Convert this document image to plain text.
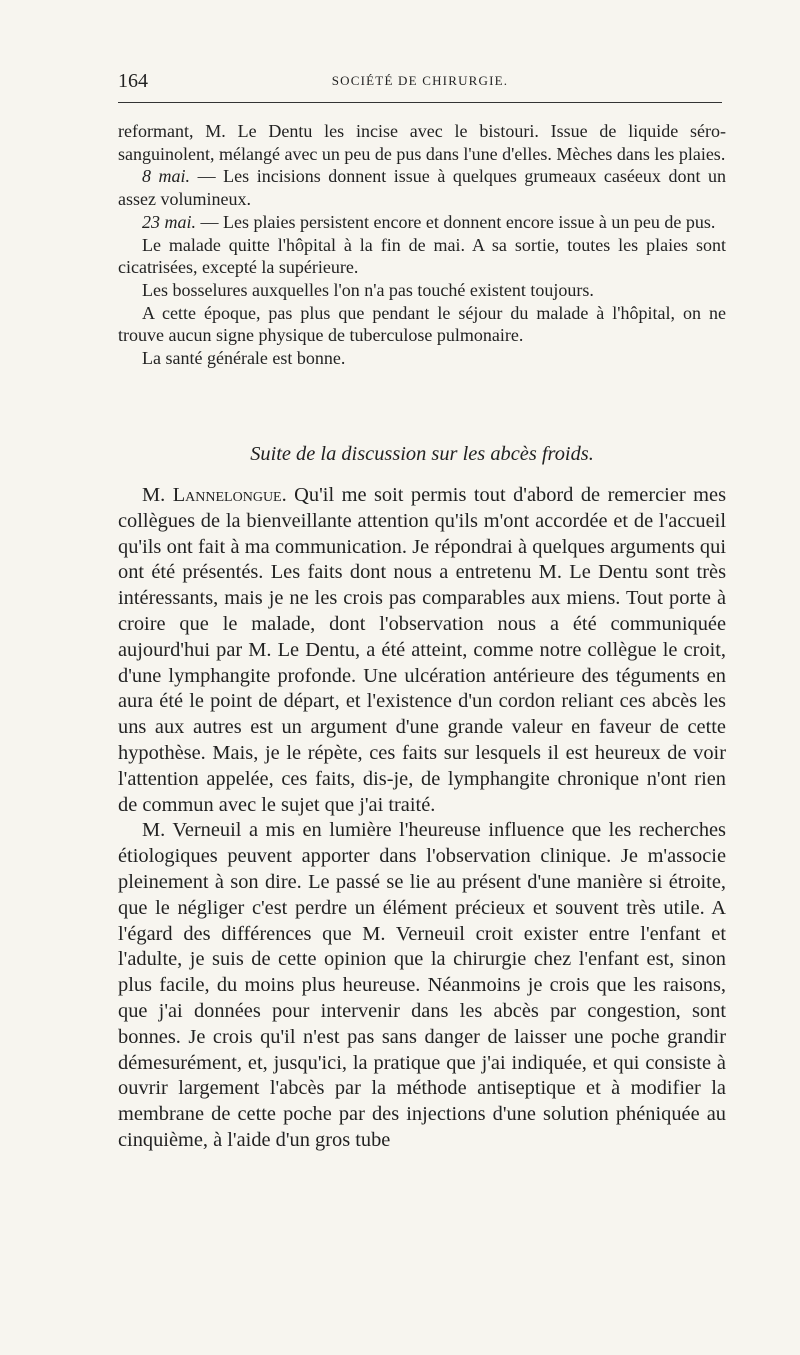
164	SOCIÉTÉ DE CHIRURGIE.

reformant, M. Le Dentu les incise avec le bistouri. Issue de liquide séro-sanguinolent, mélangé avec un peu de pus dans l'une d'elles. Mèches dans les plaies.

8 mai. — Les incisions donnent issue à quelques grumeaux caséeux dont un assez volumineux.

23 mai. — Les plaies persistent encore et donnent encore issue à un peu de pus.

Le malade quitte l'hôpital à la fin de mai. A sa sortie, toutes les plaies sont cicatrisées, excepté la supérieure.

Les bosselures auxquelles l'on n'a pas touché existent toujours.

A cette époque, pas plus que pendant le séjour du malade à l'hôpital, on ne trouve aucun signe physique de tuberculose pulmonaire.

La santé générale est bonne.

Suite de la discussion sur les abcès froids.

M. Lannelongue. Qu'il me soit permis tout d'abord de remercier mes collègues de la bienveillante attention qu'ils m'ont accordée et de l'accueil qu'ils ont fait à ma communication. Je répondrai à quelques arguments qui ont été présentés. Les faits dont nous a entretenu M. Le Dentu sont très intéressants, mais je ne les crois pas comparables aux miens. Tout porte à croire que le malade, dont l'observation nous a été communiquée aujourd'hui par M. Le Dentu, a été atteint, comme notre collègue le croit, d'une lymphangite profonde. Une ulcération antérieure des téguments en aura été le point de départ, et l'existence d'un cordon reliant ces abcès les uns aux autres est un argument d'une grande valeur en faveur de cette hypothèse. Mais, je le répète, ces faits sur lesquels il est heureux de voir l'attention appelée, ces faits, dis-je, de lymphangite chronique n'ont rien de commun avec le sujet que j'ai traité.

M. Verneuil a mis en lumière l'heureuse influence que les recherches étiologiques peuvent apporter dans l'observation clinique. Je m'associe pleinement à son dire. Le passé se lie au présent d'une manière si étroite, que le négliger c'est perdre un élément précieux et souvent très utile. A l'égard des différences que M. Verneuil croit exister entre l'enfant et l'adulte, je suis de cette opinion que la chirurgie chez l'enfant est, sinon plus facile, du moins plus heureuse. Néanmoins je crois que les raisons, que j'ai données pour intervenir dans les abcès par congestion, sont bonnes. Je crois qu'il n'est pas sans danger de laisser une poche grandir démesurément, et, jusqu'ici, la pratique que j'ai indiquée, et qui consiste à ouvrir largement l'abcès par la méthode antiseptique et à modifier la membrane de cette poche par des injections d'une solution phéniquée au cinquième, à l'aide d'un gros tube
